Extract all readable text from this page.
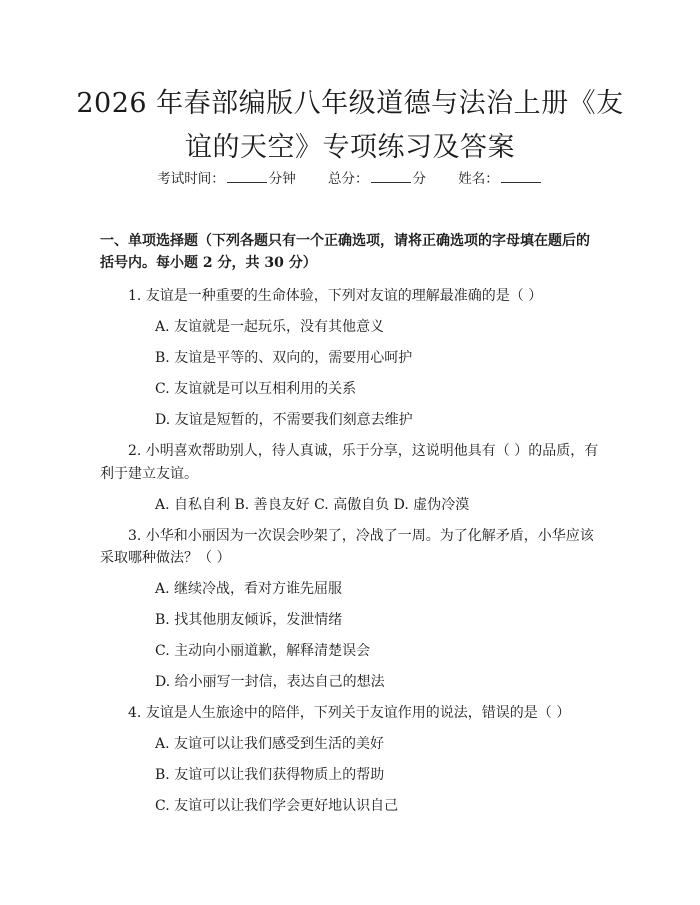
2026 年春部编版八年级道德与法治上册《友
谊的天空》专项练习及答案
考试时间：	分钟 总分：	分 姓名：
一、单项选择题（下列各题只有一个正确选项，请将正确选项的字母填在题后的
括号内。每小题 2 分，共 30 分）
1. 友谊是一种重要的生命体验，下列对友谊的理解最准确的是（ ）
A. 友谊就是一起玩乐，没有其他意义
B. 友谊是平等的、双向的，需要用心呵护
C. 友谊就是可以互相利用的关系
D. 友谊是短暂的，不需要我们刻意去维护
2. 小明喜欢帮助别人，待人真诚，乐于分享，这说明他具有（ ）的品质，有
利于建立友谊。
A. 自私自利 B. 善良友好 C. 高傲自负 D. 虚伪冷漠
3. 小华和小丽因为一次误会吵架了，冷战了一周。为了化解矛盾，小华应该
采取哪种做法？（ ）
A. 继续冷战，看对方谁先屈服
B. 找其他朋友倾诉，发泄情绪
C. 主动向小丽道歉，解释清楚误会
D. 给小丽写一封信，表达自己的想法
4. 友谊是人生旅途中的陪伴，下列关于友谊作用的说法，错误的是（ ）
A. 友谊可以让我们感受到生活的美好
B. 友谊可以让我们获得物质上的帮助
C. 友谊可以让我们学会更好地认识自己
